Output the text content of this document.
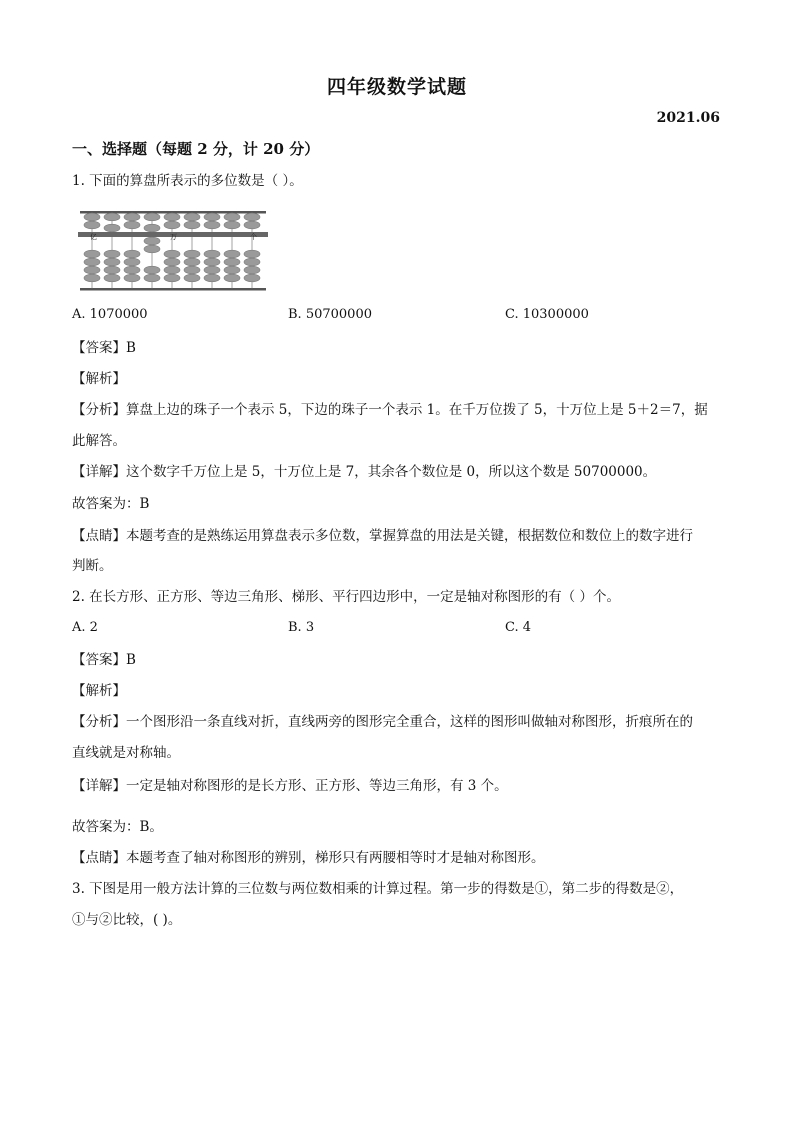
四年级数学试题
2021.06
一、选择题（每题 2 分，计 20 分）
1. 下面的算盘所表示的多位数是（ ）。
亿	万	个
A. 1070000	B. 50700000	C. 10300000
【答案】B
【解析】
【分析】算盘上边的珠子一个表示 5，下边的珠子一个表示 1。在千万位拨了 5，十万位上是 5＋2＝7，据
此解答。
【详解】这个数字千万位上是 5，十万位上是 7，其余各个数位是 0，所以这个数是 50700000。
故答案为：B
【点睛】本题考查的是熟练运用算盘表示多位数，掌握算盘的用法是关键，根据数位和数位上的数字进行
判断。
2. 在长方形、正方形、等边三角形、梯形、平行四边形中，一定是轴对称图形的有（ ）个。
A. 2	B. 3	C. 4
【答案】B
【解析】
【分析】一个图形沿一条直线对折，直线两旁的图形完全重合，这样的图形叫做轴对称图形，折痕所在的
直线就是对称轴。
【详解】一定是轴对称图形的是长方形、正方形、等边三角形，有 3 个。
故答案为：B。
【点睛】本题考查了轴对称图形的辨别，梯形只有两腰相等时才是轴对称图形。
3. 下图是用一般方法计算的三位数与两位数相乘的计算过程。第一步的得数是①，第二步的得数是②，
①与②比较，( )。
